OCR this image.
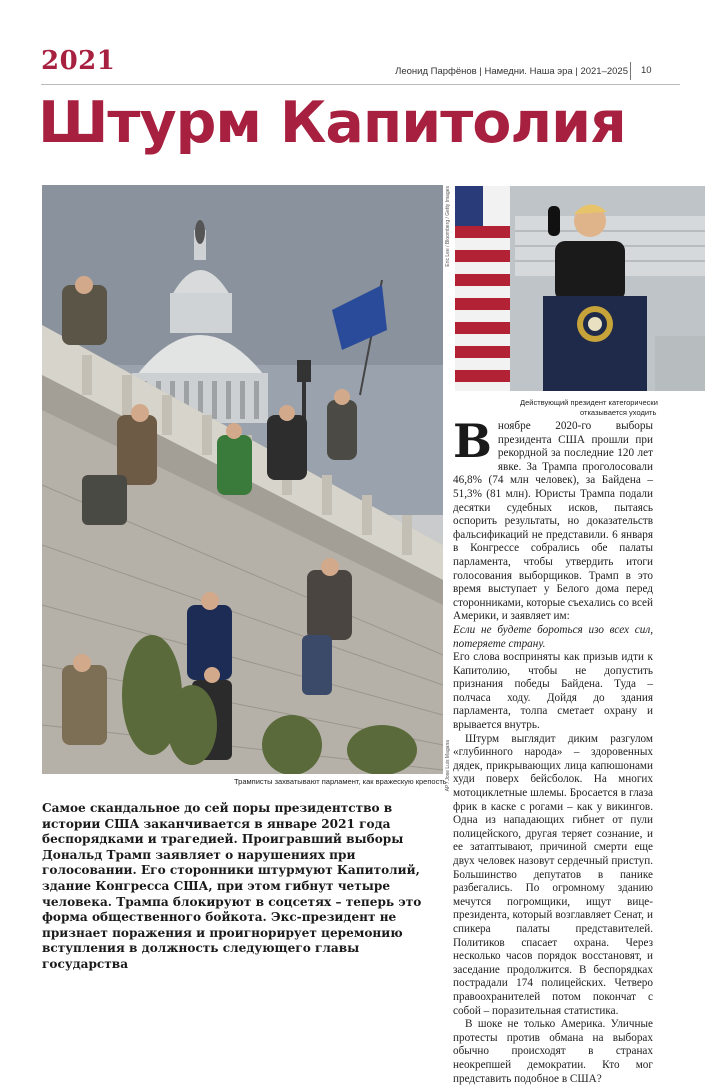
2021	Леонид Парфёнов | Намедни. Наша эра | 2021–2025	10
Штурм Капитолия
AP / Jose Luis Magana
Трамписты захватывают парламент, как вражескую крепость
Eric Lee / Bloomberg / Getty Images
Действующий президент категорически
отказывается уходить
Самое скандальное до сей поры президентство в истории США заканчивается в январе 2021 года беспорядками и трагедией. Проигравший выборы Дональд Трамп заявляет о нарушениях при голосовании. Его сторонники штурмуют Капитолий, здание Конгресса США, при этом гибнут четыре человека. Трампа блокируют в соцсетях – теперь это форма общественного бойкота. Экс-президент не признает поражения и проигнорирует церемонию вступления в должность следующего главы государства
В ноябре 2020-го выборы президента США прошли при рекордной за последние 120 лет явке. За Трампа проголосовали 46,8% (74 млн человек), за Байдена – 51,3% (81 млн). Юристы Трампа подали десятки судебных исков, пытаясь оспорить результаты, но доказательств фальсификаций не представили. 6 января в Конгрессе собрались обе палаты парламента, чтобы утвердить итоги голосования выборщиков. Трамп в это время выступает у Белого дома перед сторонниками, которые съехались со всей Америки, и заявляет им:

Если не будете бороться изо всех сил, потеряете страну.

Его слова восприняты как призыв идти к Капитолию, чтобы не допустить признания победы Байдена. Туда – полчаса ходу. Дойдя до здания парламента, толпа сметает охрану и врывается внутрь.

Штурм выглядит диким разгулом «глубинного народа» – здоровенных дядек, прикрывающих лица капюшонами худи поверх бейсболок. На многих мотоциклетные шлемы. Бросается в глаза фрик в каске с рогами – как у викингов. Одна из нападающих гибнет от пули полицейского, другая теряет сознание, и ее затаптывают, причиной смерти еще двух человек назовут сердечный приступ. Большинство депутатов в панике разбегались. По огромному зданию мечутся погромщики, ищут вице-президента, который возглавляет Сенат, и спикера палаты представителей. Политиков спасает охрана. Через несколько часов порядок восстановят, и заседание продолжится. В беспорядках пострадали 174 полицейских. Четверо правоохранителей потом покончат с собой – поразительная статистика.

В шоке не только Америка. Уличные протесты против обмана на выборах обычно происходят в странах неокрепшей демократии. Кто мог представить подобное в США?
